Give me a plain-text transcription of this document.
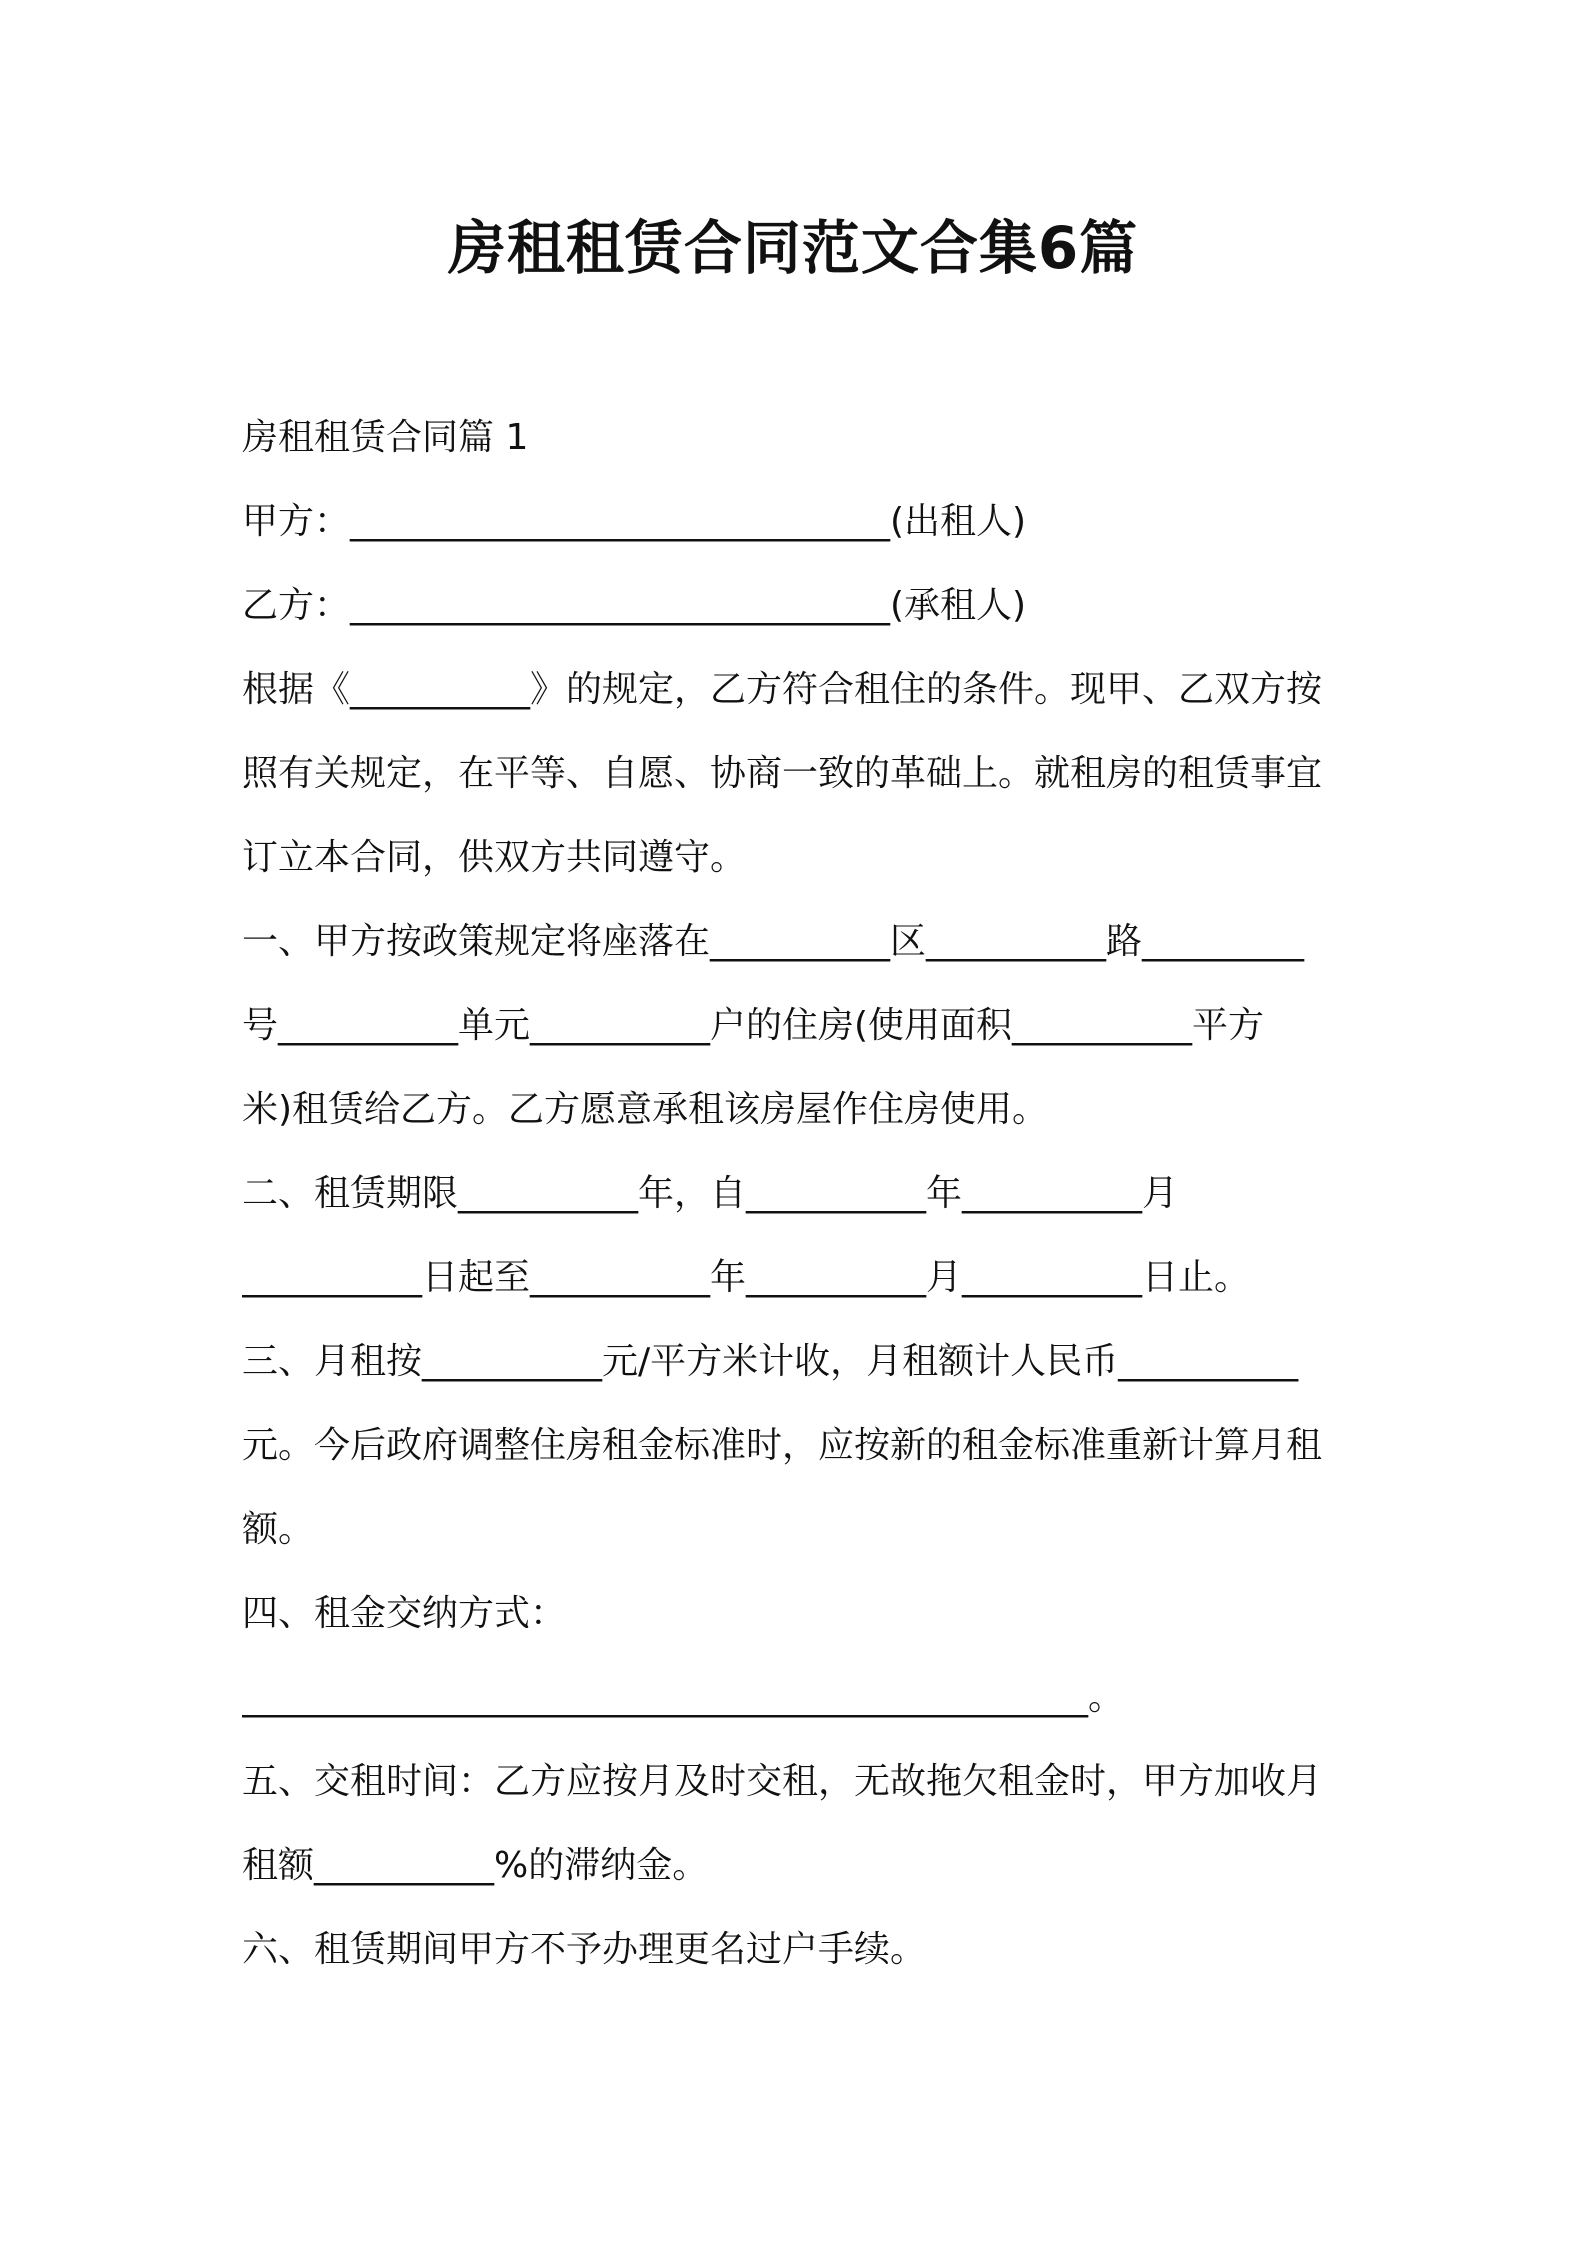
房租租赁合同范文合集6篇
房租租赁合同篇 1
甲方：______________________________(出租人)
乙方：______________________________(承租人)
根据《__________》的规定，乙方符合租住的条件。现甲、乙双方按
照有关规定，在平等、自愿、协商一致的革础上。就租房的租赁事宜
订立本合同，供双方共同遵守。
一、甲方按政策规定将座落在__________区__________路_________
号__________单元__________户的住房(使用面积__________平方
米)租赁给乙方。乙方愿意承租该房屋作住房使用。
二、租赁期限__________年，自__________年__________月
__________日起至__________年__________月__________日止。
三、月租按__________元/平方米计收，月租额计人民币__________
元。今后政府调整住房租金标准时，应按新的租金标准重新计算月租
额。
四、租金交纳方式：
_______________________________________________。
五、交租时间：乙方应按月及时交租，无故拖欠租金时，甲方加收月
租额__________%的滞纳金。
六、租赁期间甲方不予办理更名过户手续。
